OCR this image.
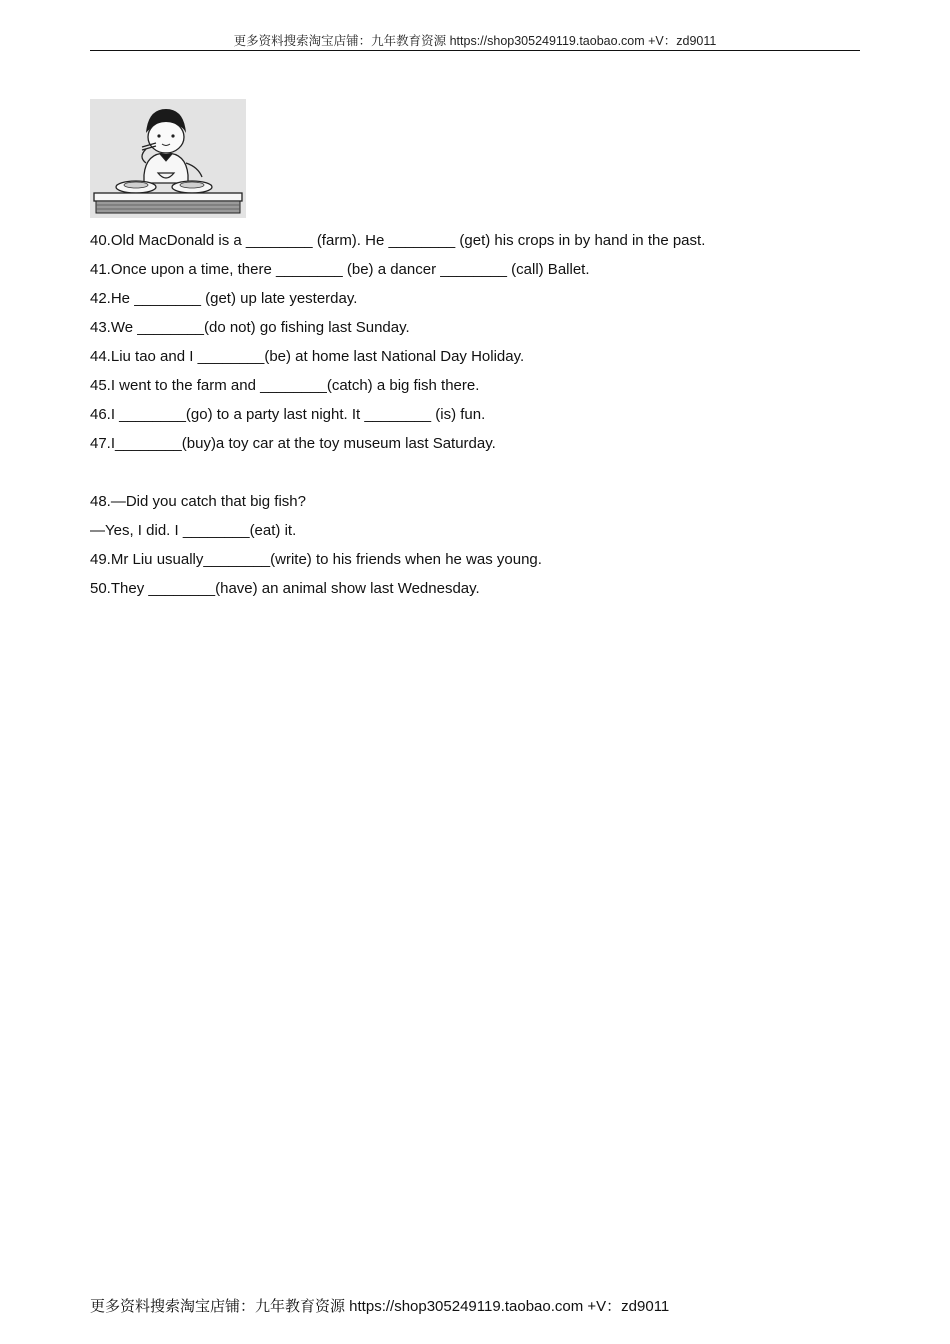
更多资料搜索淘宝店铺：九年教育资源 https://shop305249119.taobao.com +V：zd9011
40.Old MacDonald is a ________ (farm). He ________ (get) his crops in by hand in the past.
41.Once upon a time, there ________ (be) a dancer ________ (call) Ballet.
42.He ________ (get) up late yesterday.
43.We ________(do not) go fishing last Sunday.
44.Liu tao and I ________(be) at home last National Day Holiday.
45.I went to the farm and ________(catch) a big fish there.
46.I ________(go) to a party last night. It ________ (is) fun.
47.I________(buy)a toy car at the toy museum last Saturday.
48.—Did you catch that big fish?
—Yes, I did. I ________(eat) it.
49.Mr Liu usually________(write) to his friends when he was young.
50.They ________(have) an animal show last Wednesday.
更多资料搜索淘宝店铺：九年教育资源 https://shop305249119.taobao.com +V：zd9011
